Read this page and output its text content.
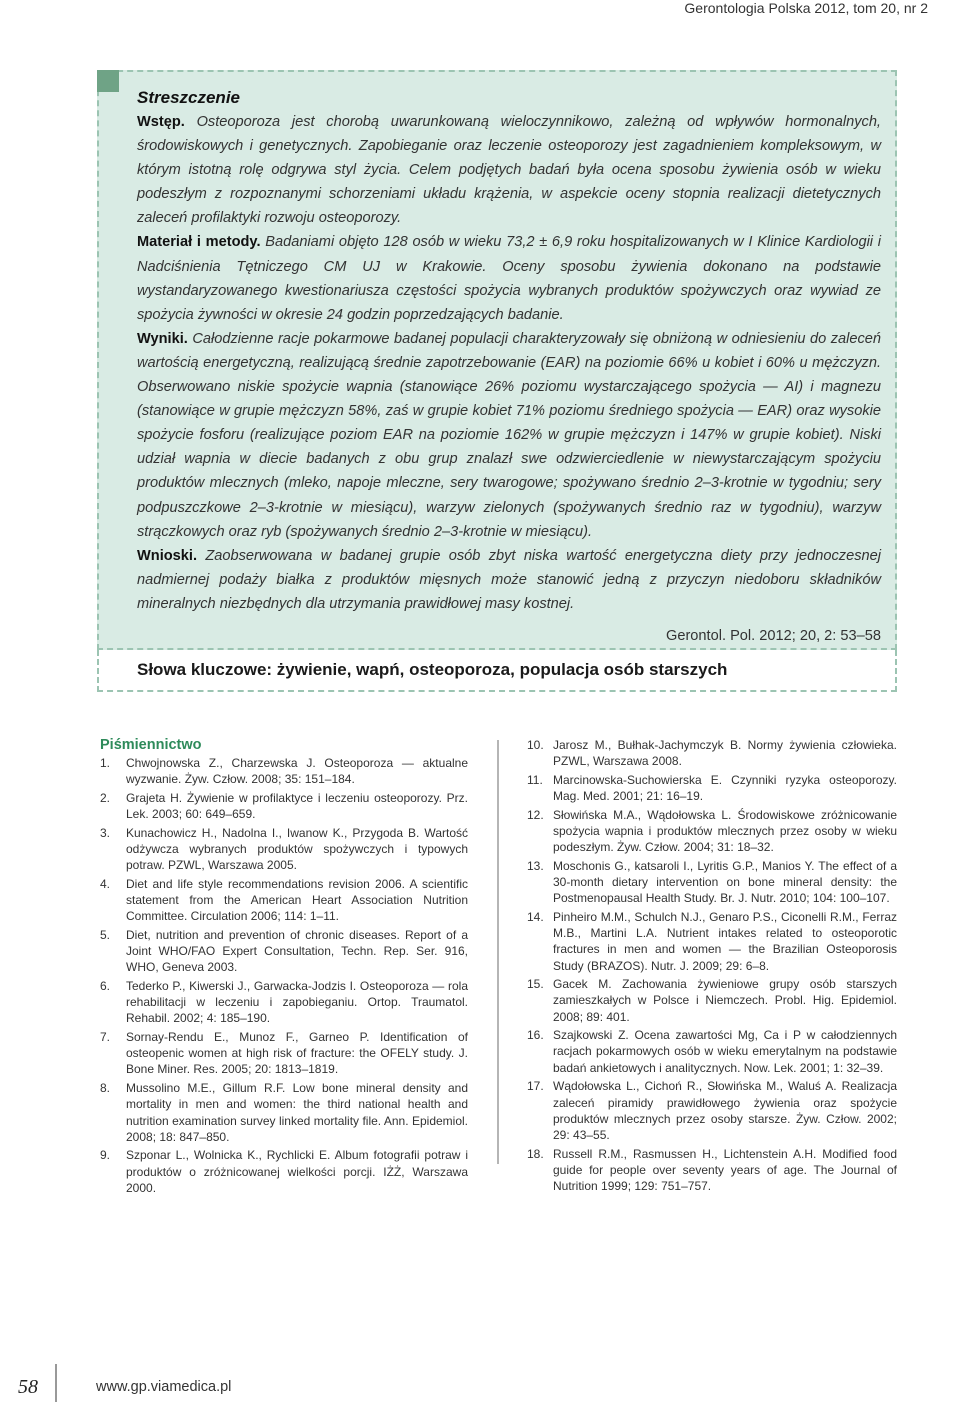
Gerontologia Polska 2012, tom 20, nr 2
Streszczenie

Wstęp. Osteoporoza jest chorobą uwarunkowaną wieloczynnikowo, zależną od wpływów hormonalnych, środowiskowych i genetycznych. Zapobieganie oraz leczenie osteoporozy jest zagadnieniem kompleksowym, w którym istotną rolę odgrywa styl życia. Celem podjętych badań była ocena sposobu żywienia osób w wieku podeszłym z rozpoznanymi schorzeniami układu krążenia, w aspekcie oceny stopnia realizacji dietetycznych zaleceń profilaktyki rozwoju osteoporozy.

Materiał i metody. Badaniami objęto 128 osób w wieku 73,2 ± 6,9 roku hospitalizowanych w I Klinice Kardiologii i Nadciśnienia Tętniczego CM UJ w Krakowie. Oceny sposobu żywienia dokonano na podstawie wystandaryzowanego kwestionariusza częstości spożycia wybranych produktów spożywczych oraz wywiad ze spożycia żywności w okresie 24 godzin poprzedzających badanie.

Wyniki. Całodzienne racje pokarmowe badanej populacji charakteryzowały się obniżoną w odniesieniu do zaleceń wartością energetyczną, realizującą średnie zapotrzebowanie (EAR) na poziomie 66% u kobiet i 60% u mężczyzn. Obserwowano niskie spożycie wapnia (stanowiące 26% poziomu wystarczającego spożycia — AI) i magnezu (stanowiące w grupie mężczyzn 58%, zaś w grupie kobiet 71% poziomu średniego spożycia — EAR) oraz wysokie spożycie fosforu (realizujące poziom EAR na poziomie 162% w grupie mężczyzn i 147% w grupie kobiet). Niski udział wapnia w diecie badanych z obu grup znalazł swe odzwierciedlenie w niewystarczającym spożyciu produktów mlecznych (mleko, napoje mleczne, sery twarogowe; spożywano średnio 2–3-krotnie w tygodniu; sery podpuszczkowe 2–3-krotnie w miesiącu), warzyw zielonych (spożywanych średnio raz w tygodniu), warzyw strączkowych oraz ryb (spożywanych średnio 2–3-krotnie w miesiącu).

Wnioski. Zaobserwowana w badanej grupie osób zbyt niska wartość energetyczna diety przy jednoczesnej nadmiernej podaży białka z produktów mięsnych może stanowić jedną z przyczyn niedoboru składników mineralnych niezbędnych dla utrzymania prawidłowej masy kostnej.

Gerontol. Pol. 2012; 20, 2: 53–58

Słowa kluczowe: żywienie, wapń, osteoporoza, populacja osób starszych
Piśmiennictwo
1. Chwojnowska Z., Charzewska J. Osteoporoza — aktualne wyzwanie. Żyw. Człow. 2008; 35: 151–184.
2. Grajeta H. Żywienie w profilaktyce i leczeniu osteoporozy. Prz. Lek. 2003; 60: 649–659.
3. Kunachowicz H., Nadolna I., Iwanow K., Przygoda B. Wartość odżywcza wybranych produktów spożywczych i typowych potraw. PZWL, Warszawa 2005.
4. Diet and life style recommendations revision 2006. A scientific statement from the American Heart Association Nutrition Committee. Circulation 2006; 114: 1–11.
5. Diet, nutrition and prevention of chronic diseases. Report of a Joint WHO/FAO Expert Consultation, Techn. Rep. Ser. 916, WHO, Geneva 2003.
6. Tederko P., Kiwerski J., Garwacka-Jodzis I. Osteoporoza — rola rehabilitacji w leczeniu i zapobieganiu. Ortop. Traumatol. Rehabil. 2002; 4: 185–190.
7. Sornay-Rendu E., Munoz F., Garneo P. Identification of osteopenic women at high risk of fracture: the OFELY study. J. Bone Miner. Res. 2005; 20: 1813–1819.
8. Mussolino M.E., Gillum R.F. Low bone mineral density and mortality in men and women: the third national health and nutrition examination survey linked mortality file. Ann. Epidemiol. 2008; 18: 847–850.
9. Szponar L., Wolnicka K., Rychlicki E. Album fotografii potraw i produktów o zróżnicowanej wielkości porcji. IŻŻ, Warszawa 2000.
10. Jarosz M., Bułhak-Jachymczyk B. Normy żywienia człowieka. PZWL, Warszawa 2008.
11. Marcinowska-Suchowierska E. Czynniki ryzyka osteoporozy. Mag. Med. 2001; 21: 16–19.
12. Słowińska M.A., Wądołowska L. Środowiskowe zróżnicowanie spożycia wapnia i produktów mlecznych przez osoby w wieku podeszłym. Żyw. Człow. 2004; 31: 18–32.
13. Moschonis G., katsaroli I., Lyritis G.P., Manios Y. The effect of a 30-month dietary intervention on bone mineral density: the Postmenopausal Health Study. Br. J. Nutr. 2010; 104: 100–107.
14. Pinheiro M.M., Schulch N.J., Genaro P.S., Ciconelli R.M., Ferraz M.B., Martini L.A. Nutrient intakes related to osteoporotic fractures in men and women — the Brazilian Osteoporosis Study (BRAZOS). Nutr. J. 2009; 29: 6–8.
15. Gacek M. Zachowania żywieniowe grupy osób starszych zamieszkałych w Polsce i Niemczech. Probl. Hig. Epidemiol. 2008; 89: 401.
16. Szajkowski Z. Ocena zawartości Mg, Ca i P w całodziennych racjach pokarmowych osób w wieku emerytalnym na podstawie badań ankietowych i analitycznych. Now. Lek. 2001; 1: 32–39.
17. Wądołowska L., Cichoń R., Słowińska M., Waluś A. Realizacja zaleceń piramidy prawidłowego żywienia oraz spożycie produktów mlecznych przez osoby starsze. Żyw. Człow. 2002; 29: 43–55.
18. Russell R.M., Rasmussen H., Lichtenstein A.H. Modified food guide for people over seventy years of age. The Journal of Nutrition 1999; 129: 751–757.
58	www.gp.viamedica.pl
